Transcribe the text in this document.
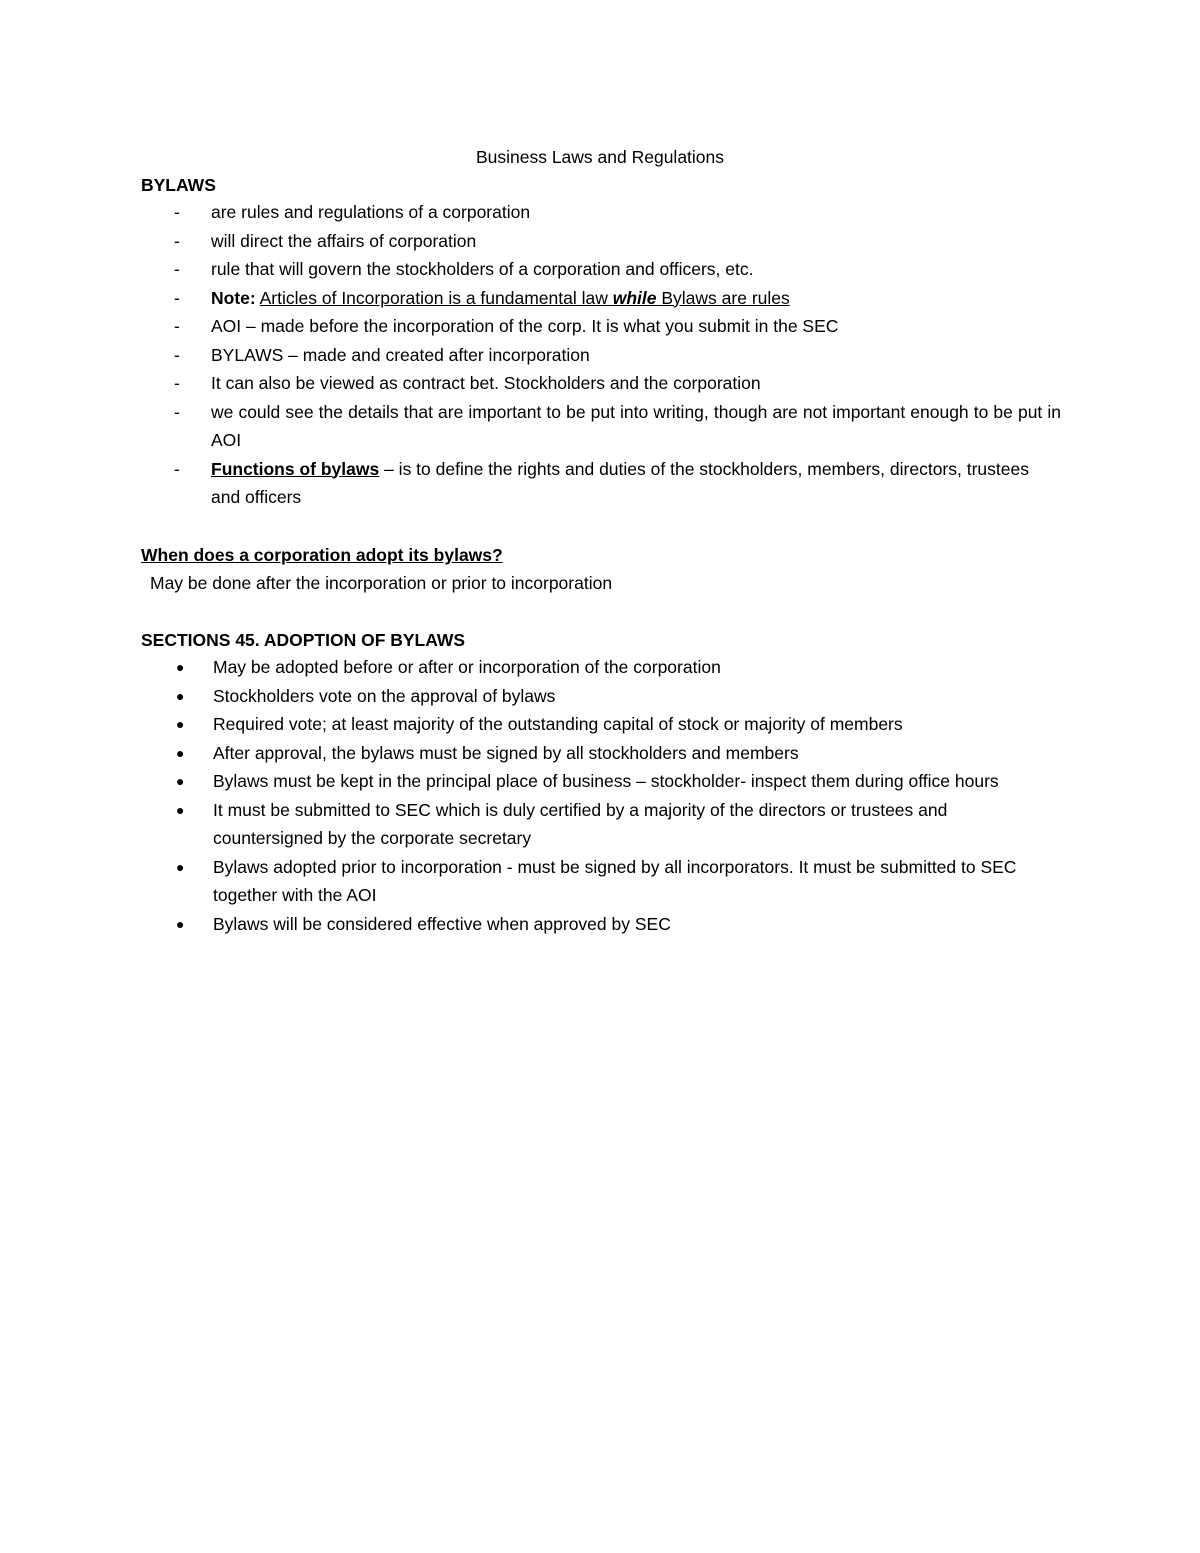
Business Laws and Regulations
BYLAWS
- are rules and regulations of a corporation
- will direct the affairs of corporation
- rule that will govern the stockholders of a corporation and officers, etc.
- Note: Articles of Incorporation is a fundamental law while Bylaws are rules
- AOI – made before the incorporation of the corp. It is what you submit in the SEC
- BYLAWS – made and created after incorporation
- It can also be viewed as contract bet. Stockholders and the corporation
- we could see the details that are important to be put into writing, though are not important enough to be put in AOI
- Functions of bylaws – is to define the rights and duties of the stockholders, members, directors, trustees and officers
When does a corporation adopt its bylaws?
May be done after the incorporation or prior to incorporation
SECTIONS 45. ADOPTION OF BYLAWS
● May be adopted before or after or incorporation of the corporation
● Stockholders vote on the approval of bylaws
● Required vote; at least majority of the outstanding capital of stock or majority of members
● After approval, the bylaws must be signed by all stockholders and members
● Bylaws must be kept in the principal place of business – stockholder- inspect them during office hours
● It must be submitted to SEC which is duly certified by a majority of the directors or trustees and countersigned by the corporate secretary
● Bylaws adopted prior to incorporation - must be signed by all incorporators. It must be submitted to SEC together with the AOI
● Bylaws will be considered effective when approved by SEC
